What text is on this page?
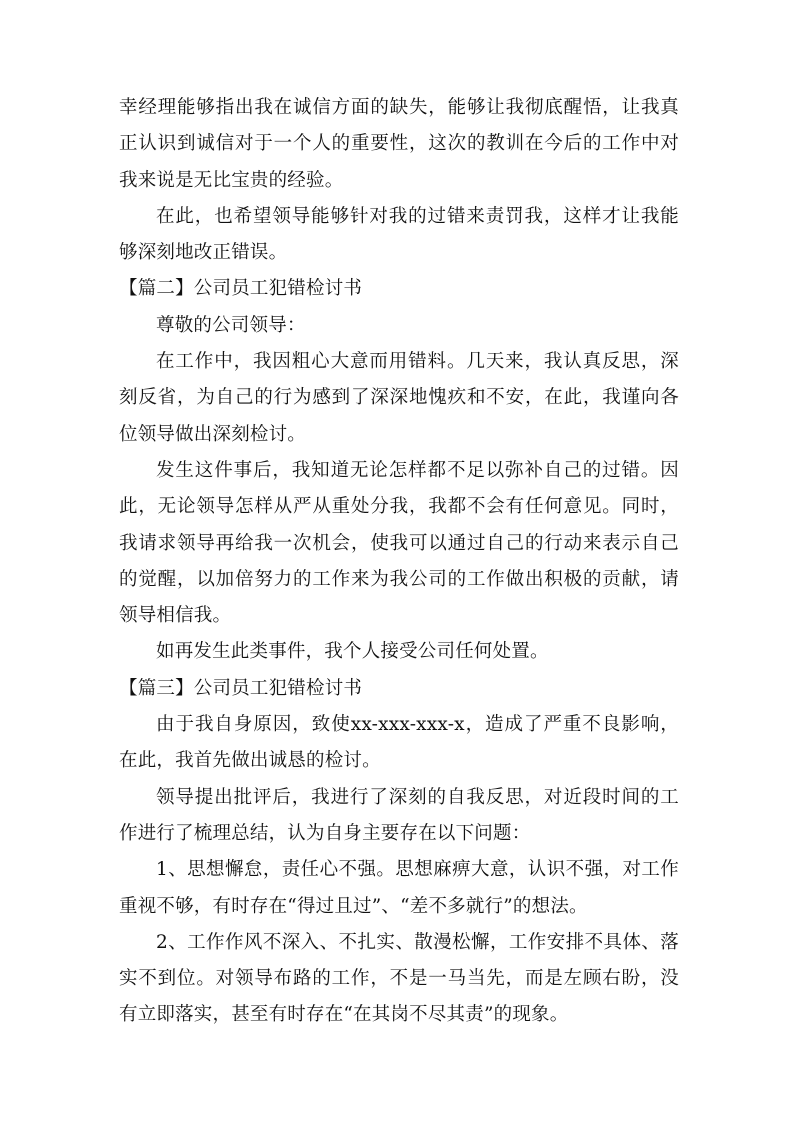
幸经理能够指出我在诚信方面的缺失，能够让我彻底醒悟，让我真正认识到诚信对于一个人的重要性，这次的教训在今后的工作中对我来说是无比宝贵的经验。

在此，也希望领导能够针对我的过错来责罚我，这样才让我能够深刻地改正错误。

【篇二】公司员工犯错检讨书

尊敬的公司领导：

在工作中，我因粗心大意而用错料。几天来，我认真反思，深刻反省，为自己的行为感到了深深地愧疚和不安，在此，我谨向各位领导做出深刻检讨。

发生这件事后，我知道无论怎样都不足以弥补自己的过错。因此，无论领导怎样从严从重处分我，我都不会有任何意见。同时，我请求领导再给我一次机会，使我可以通过自己的行动来表示自己的觉醒，以加倍努力的工作来为我公司的工作做出积极的贡献，请领导相信我。

如再发生此类事件，我个人接受公司任何处置。

【篇三】公司员工犯错检讨书

由于我自身原因，致使xx-xxx-xxx-x，造成了严重不良影响，在此，我首先做出诚恳的检讨。

领导提出批评后，我进行了深刻的自我反思，对近段时间的工作进行了梳理总结，认为自身主要存在以下问题：

1、思想懈怠，责任心不强。思想麻痹大意，认识不强，对工作重视不够，有时存在“得过且过”、“差不多就行”的想法。

2、工作作风不深入、不扎实、散漫松懈，工作安排不具体、落实不到位。对领导布路的工作，不是一马当先，而是左顾右盼，没有立即落实，甚至有时存在“在其岗不尽其责”的现象。
